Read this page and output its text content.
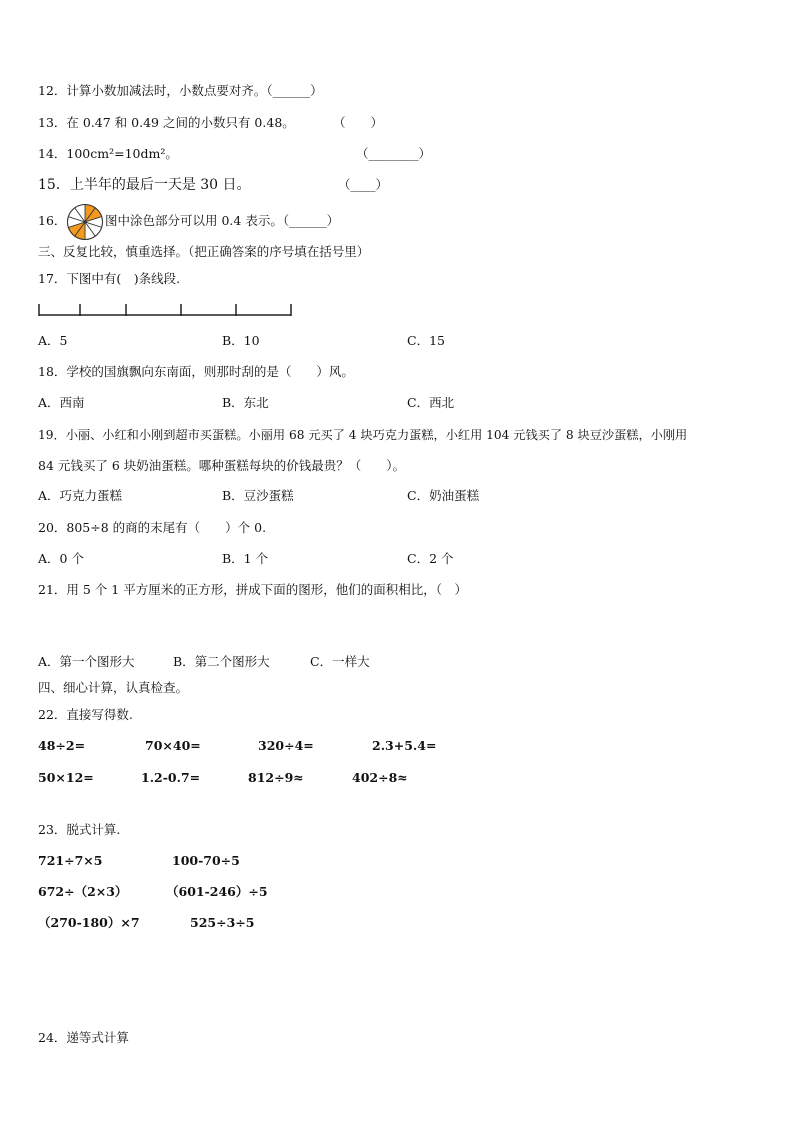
12．计算小数加减法时，小数点要对齐。（______）
13．在 0.47 和 0.49 之间的小数只有 0.48。	（　　）
14．100cm²=10dm²。	（________）
15．上半年的最后一天是 30 日。	（____）
16．	图中涂色部分可以用 0.4 表示。（______）
三、反复比较，慎重选择。（把正确答案的序号填在括号里）
17．下图中有(　)条线段.
A．5	B．10	C．15
18．学校的国旗飘向东南面，则那时刮的是（　　）风。
A．西南	B．东北	C．西北
19．小丽、小红和小刚到超市买蛋糕。小丽用 68 元买了 4 块巧克力蛋糕，小红用 104 元钱买了 8 块豆沙蛋糕，小刚用
84 元钱买了 6 块奶油蛋糕。哪种蛋糕每块的价钱最贵？（　　）。
A．巧克力蛋糕	B．豆沙蛋糕	C．奶油蛋糕
20．805÷8 的商的末尾有（　　）个 0.
A．0 个	B．1 个	C．2 个
21．用 5 个 1 平方厘米的正方形，拼成下面的图形，他们的面积相比，（　）
A．第一个图形大	B．第二个图形大	C．一样大
四、细心计算，认真检查。
22．直接写得数.
48÷2=	70×40=	320÷4=	2.3+5.4=
50×12=	1.2-0.7=	812÷9≈	402÷8≈
23．脱式计算.
721÷7×5	100-70÷5
672÷（2×3）	（601-246）÷5
（270-180）×7	525÷3÷5
24．递等式计算
